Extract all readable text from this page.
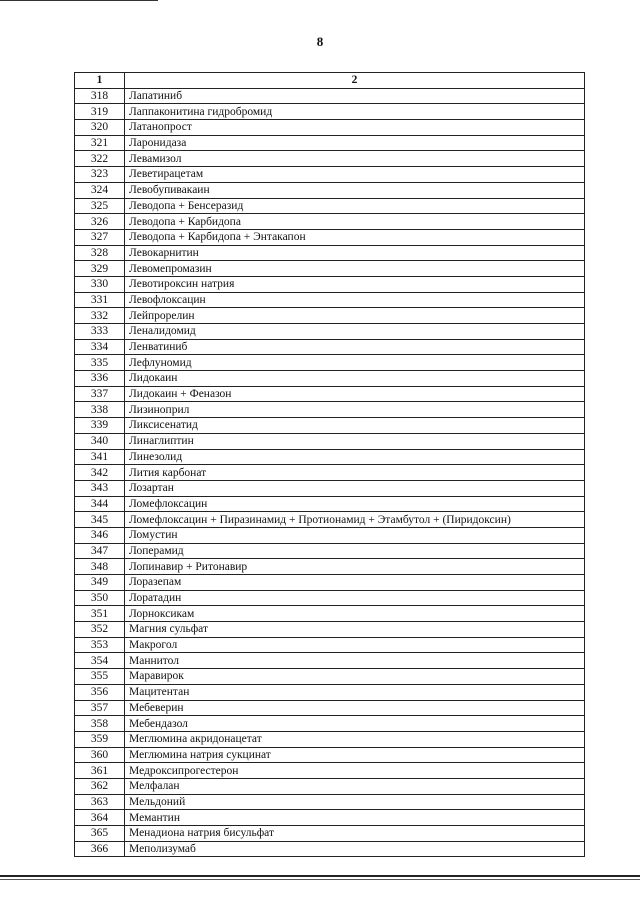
8
1	2
318	Лапатиниб
319	Лаппаконитина гидробромид
320	Латанопрост
321	Ларонидаза
322	Левамизол
323	Леветирацетам
324	Левобупивакаин
325	Леводопа + Бенсеразид
326	Леводопа + Карбидопа
327	Леводопа + Карбидопа + Энтакапон
328	Левокарнитин
329	Левомепромазин
330	Левотироксин натрия
331	Левофлоксацин
332	Лейпрорелин
333	Леналидомид
334	Ленватиниб
335	Лефлуномид
336	Лидокаин
337	Лидокаин + Феназон
338	Лизиноприл
339	Ликсисенатид
340	Линаглиптин
341	Линезолид
342	Лития карбонат
343	Лозартан
344	Ломефлоксацин
345	Ломефлоксацин + Пиразинамид + Протионамид + Этамбутол + (Пиридоксин)
346	Ломустин
347	Лоперамид
348	Лопинавир + Ритонавир
349	Лоразепам
350	Лоратадин
351	Лорноксикам
352	Магния сульфат
353	Макрогол
354	Маннитол
355	Маравирок
356	Мацитентан
357	Мебеверин
358	Мебендазол
359	Меглюмина акридонацетат
360	Меглюмина натрия сукцинат
361	Медроксипрогестерон
362	Мелфалан
363	Мельдоний
364	Мемантин
365	Менадиона натрия бисульфат
366	Меполизумаб
